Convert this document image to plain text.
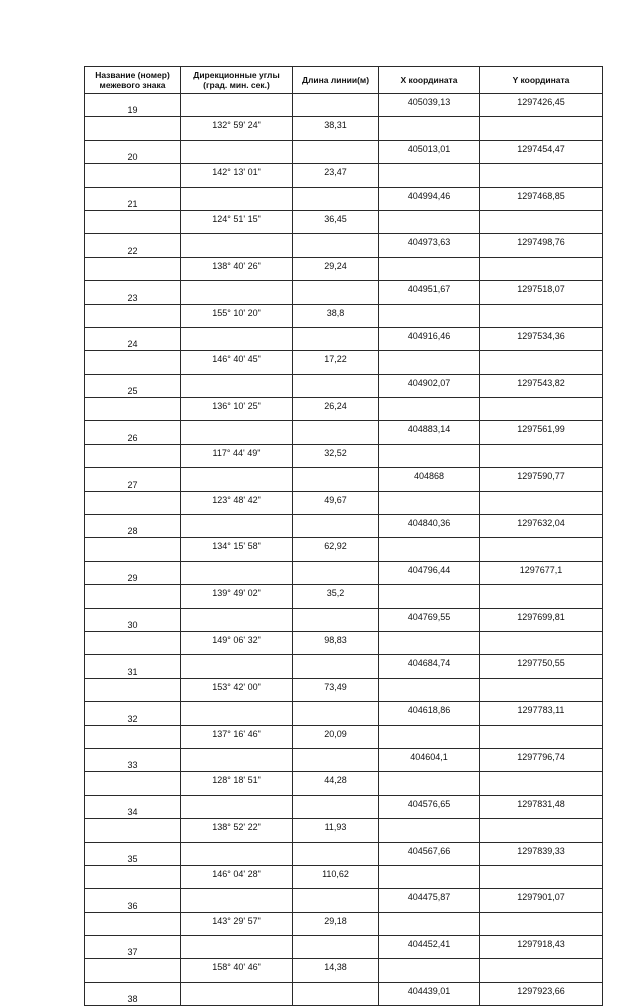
Название (номер) межевого знака	Дирекционные углы (град. мин. сек.)	Длина линии(м)	X координата	Y координата
19			405039,13	1297426,45
	132° 59' 24"	38,31		
20			405013,01	1297454,47
	142° 13' 01"	23,47		
21			404994,46	1297468,85
	124° 51' 15"	36,45		
22			404973,63	1297498,76
	138° 40' 26"	29,24		
23			404951,67	1297518,07
	155° 10' 20"	38,8		
24			404916,46	1297534,36
	146° 40' 45"	17,22		
25			404902,07	1297543,82
	136° 10' 25"	26,24		
26			404883,14	1297561,99
	117° 44' 49"	32,52		
27			404868	1297590,77
	123° 48' 42"	49,67		
28			404840,36	1297632,04
	134° 15' 58"	62,92		
29			404796,44	1297677,1
	139° 49' 02"	35,2		
30			404769,55	1297699,81
	149° 06' 32"	98,83		
31			404684,74	1297750,55
	153° 42' 00"	73,49		
32			404618,86	1297783,11
	137° 16' 46"	20,09		
33			404604,1	1297796,74
	128° 18' 51"	44,28		
34			404576,65	1297831,48
	138° 52' 22"	11,93		
35			404567,66	1297839,33
	146° 04' 28"	110,62		
36			404475,87	1297901,07
	143° 29' 57"	29,18		
37			404452,41	1297918,43
	158° 40' 46"	14,38		
38			404439,01	1297923,66
